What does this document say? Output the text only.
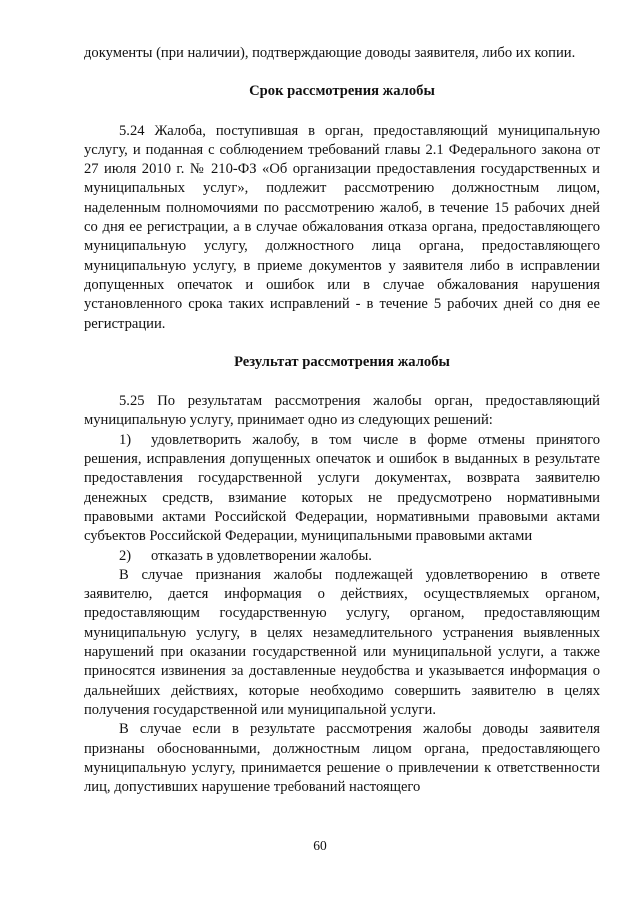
документы (при наличии), подтверждающие доводы заявителя, либо их копии.

Срок рассмотрения жалобы

5.24 Жалоба, поступившая в орган, предоставляющий муниципальную услугу, и поданная с соблюдением требований главы 2.1 Федерального закона от 27 июля 2010 г. № 210-ФЗ «Об организации предоставления государственных и муниципальных услуг», подлежит рассмотрению должностным лицом, наделенным полномочиями по рассмотрению жалоб, в течение 15 рабочих дней со дня ее регистрации, а в случае обжалования отказа органа, предоставляющего муниципальную услугу, должностного лица органа, предоставляющего муниципальную услугу, в приеме документов у заявителя либо в исправлении допущенных опечаток и ошибок или в случае обжалования нарушения установленного срока таких исправлений - в течение 5 рабочих дней со дня ее регистрации.

Результат рассмотрения жалобы

5.25 По результатам рассмотрения жалобы орган, предоставляющий муниципальную услугу, принимает одно из следующих решений:

1) удовлетворить жалобу, в том числе в форме отмены принятого решения, исправления допущенных опечаток и ошибок в выданных в результате предоставления государственной услуги документах, возврата заявителю денежных средств, взимание которых не предусмотрено нормативными правовыми актами Российской Федерации, нормативными правовыми актами субъектов Российской Федерации, муниципальными правовыми актами

2) отказать в удовлетворении жалобы.

В случае признания жалобы подлежащей удовлетворению в ответе заявителю, дается информация о действиях, осуществляемых органом, предоставляющим государственную услугу, органом, предоставляющим муниципальную услугу, в целях незамедлительного устранения выявленных нарушений при оказании государственной или муниципальной услуги, а также приносятся извинения за доставленные неудобства и указывается информация о дальнейших действиях, которые необходимо совершить заявителю в целях получения государственной или муниципальной услуги.

В случае если в результате рассмотрения жалобы доводы заявителя признаны обоснованными, должностным лицом органа, предоставляющего муниципальную услугу, принимается решение о привлечении к ответственности лиц, допустивших нарушение требований настоящего

60
